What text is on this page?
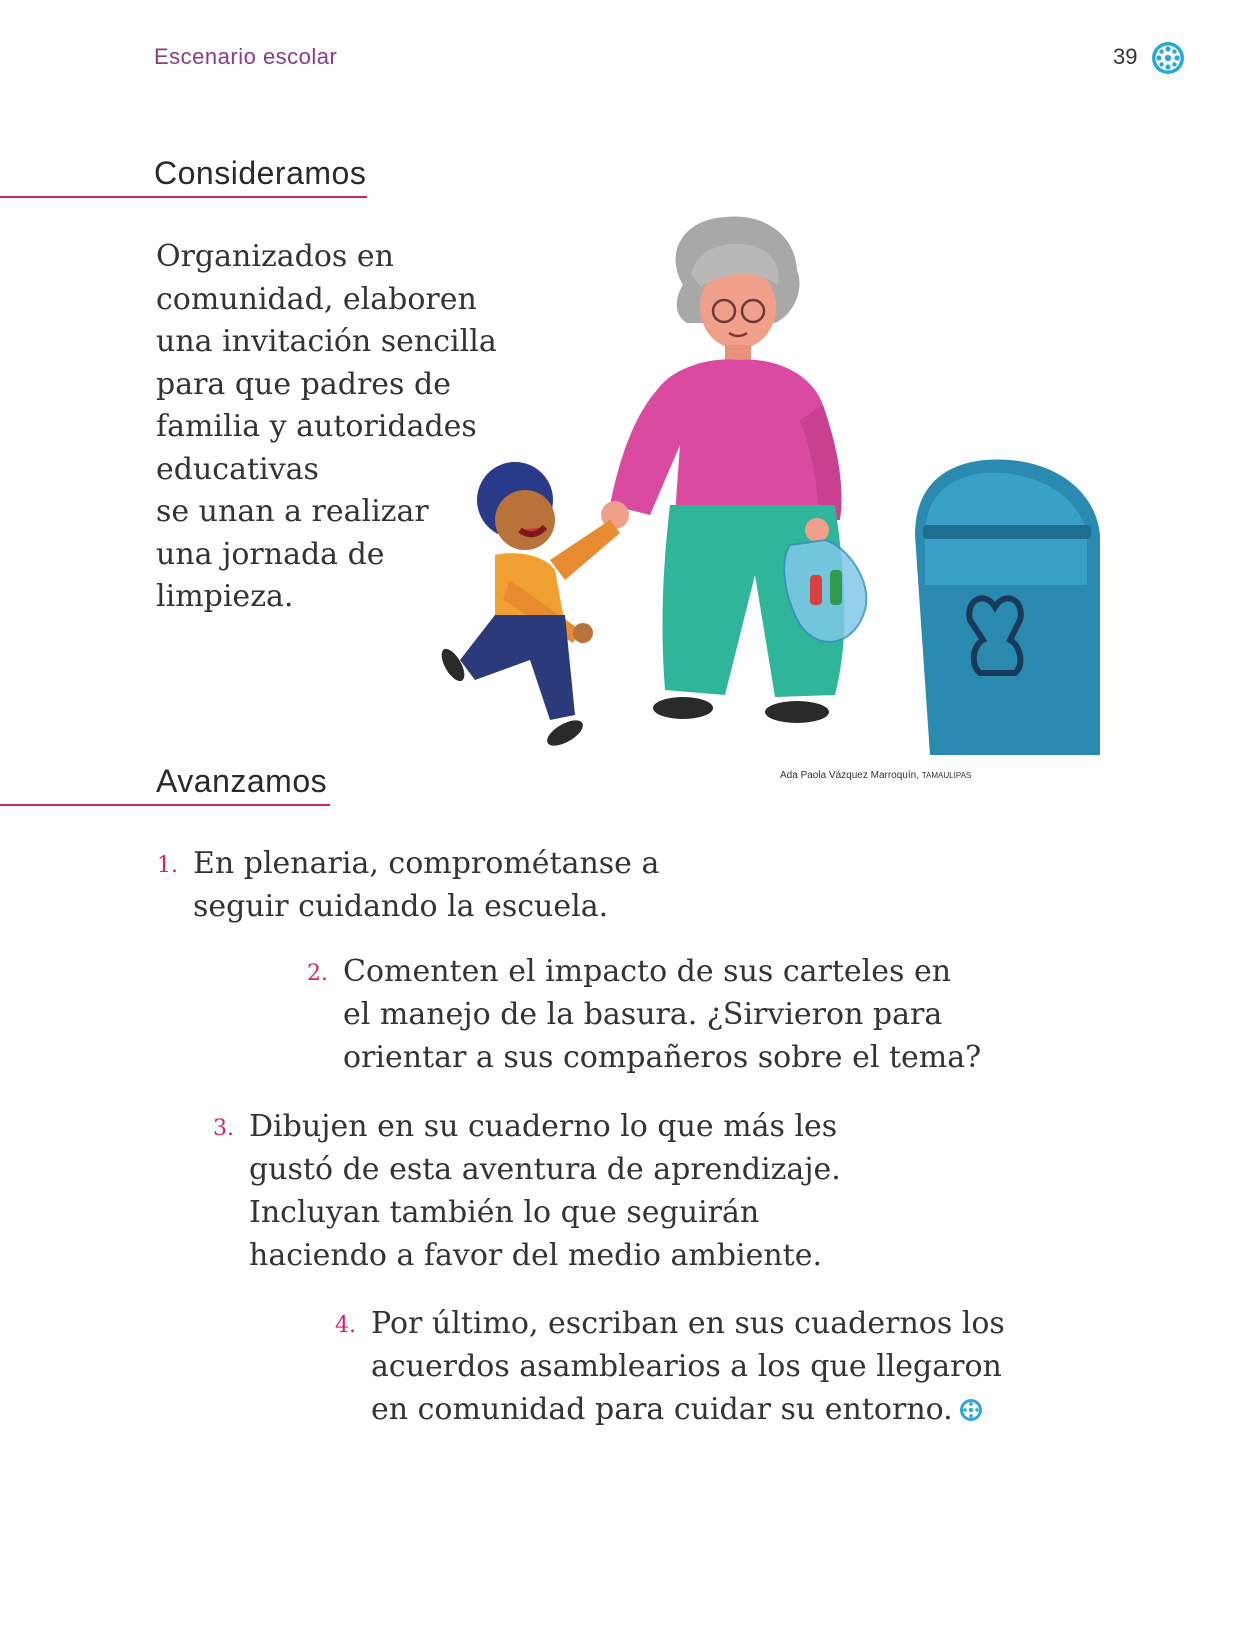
Escenario escolar	39
Consideramos
Organizados en
comunidad, elaboren
una invitación sencilla
para que padres de
familia y autoridades
educativas
se unan a realizar
una jornada de
limpieza.
Ada Paola Vázquez Marroquín, TAMAULIPAS
Avanzamos
1. En plenaria, comprométanse a
seguir cuidando la escuela.
2. Comenten el impacto de sus carteles en
el manejo de la basura. ¿Sirvieron para
orientar a sus compañeros sobre el tema?
3. Dibujen en su cuaderno lo que más les
gustó de esta aventura de aprendizaje.
Incluyan también lo que seguirán
haciendo a favor del medio ambiente.
4. Por último, escriban en sus cuadernos los
acuerdos asamblearios a los que llegaron
en comunidad para cuidar su entorno.
